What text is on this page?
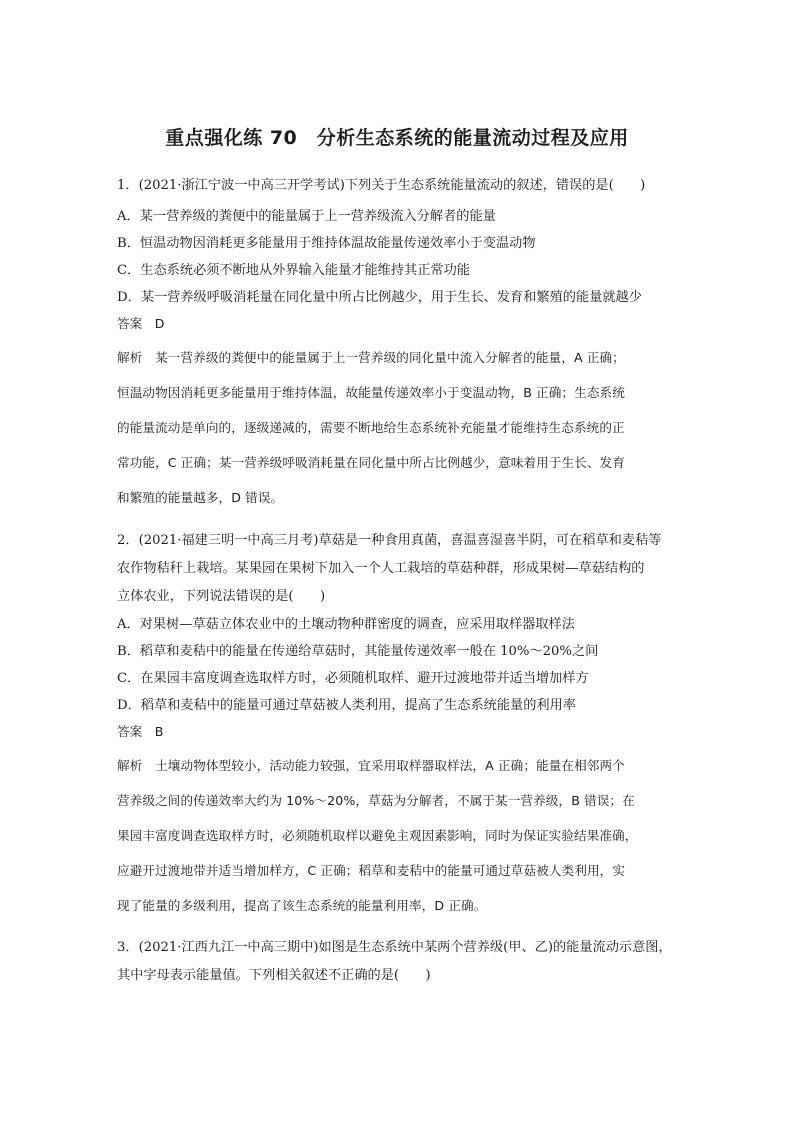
重点强化练 70　分析生态系统的能量流动过程及应用
1．(2021·浙江宁波一中高三开学考试)下列关于生态系统能量流动的叙述，错误的是(　　)
A．某一营养级的粪便中的能量属于上一营养级流入分解者的能量
B．恒温动物因消耗更多能量用于维持体温故能量传递效率小于变温动物
C．生态系统必须不断地从外界输入能量才能维持其正常功能
D．某一营养级呼吸消耗量在同化量中所占比例越少，用于生长、发育和繁殖的能量就越少
答案　D
解析　某一营养级的粪便中的能量属于上一营养级的同化量中流入分解者的能量，A 正确；
恒温动物因消耗更多能量用于维持体温，故能量传递效率小于变温动物，B 正确；生态系统
的能量流动是单向的，逐级递减的，需要不断地给生态系统补充能量才能维持生态系统的正
常功能，C 正确；某一营养级呼吸消耗量在同化量中所占比例越少，意味着用于生长、发育
和繁殖的能量越多，D 错误。
2．(2021·福建三明一中高三月考)草菇是一种食用真菌，喜温喜湿喜半阴，可在稻草和麦秸等
农作物秸秆上栽培。某果园在果树下加入一个人工栽培的草菇种群，形成果树—草菇结构的
立体农业，下列说法错误的是(　　)
A．对果树—草菇立体农业中的土壤动物种群密度的调查，应采用取样器取样法
B．稻草和麦秸中的能量在传递给草菇时，其能量传递效率一般在 10%～20%之间
C．在果园丰富度调查选取样方时，必须随机取样、避开过渡地带并适当增加样方
D．稻草和麦秸中的能量可通过草菇被人类利用，提高了生态系统能量的利用率
答案　B
解析　土壤动物体型较小，活动能力较强，宜采用取样器取样法，A 正确；能量在相邻两个
营养级之间的传递效率大约为 10%～20%，草菇为分解者，不属于某一营养级，B 错误；在
果园丰富度调查选取样方时，必须随机取样以避免主观因素影响，同时为保证实验结果准确，
应避开过渡地带并适当增加样方，C 正确；稻草和麦秸中的能量可通过草菇被人类利用，实
现了能量的多级利用，提高了该生态系统的能量利用率，D 正确。
3．(2021·江西九江一中高三期中)如图是生态系统中某两个营养级(甲、乙)的能量流动示意图，
其中字母表示能量值。下列相关叙述不正确的是(　　)
